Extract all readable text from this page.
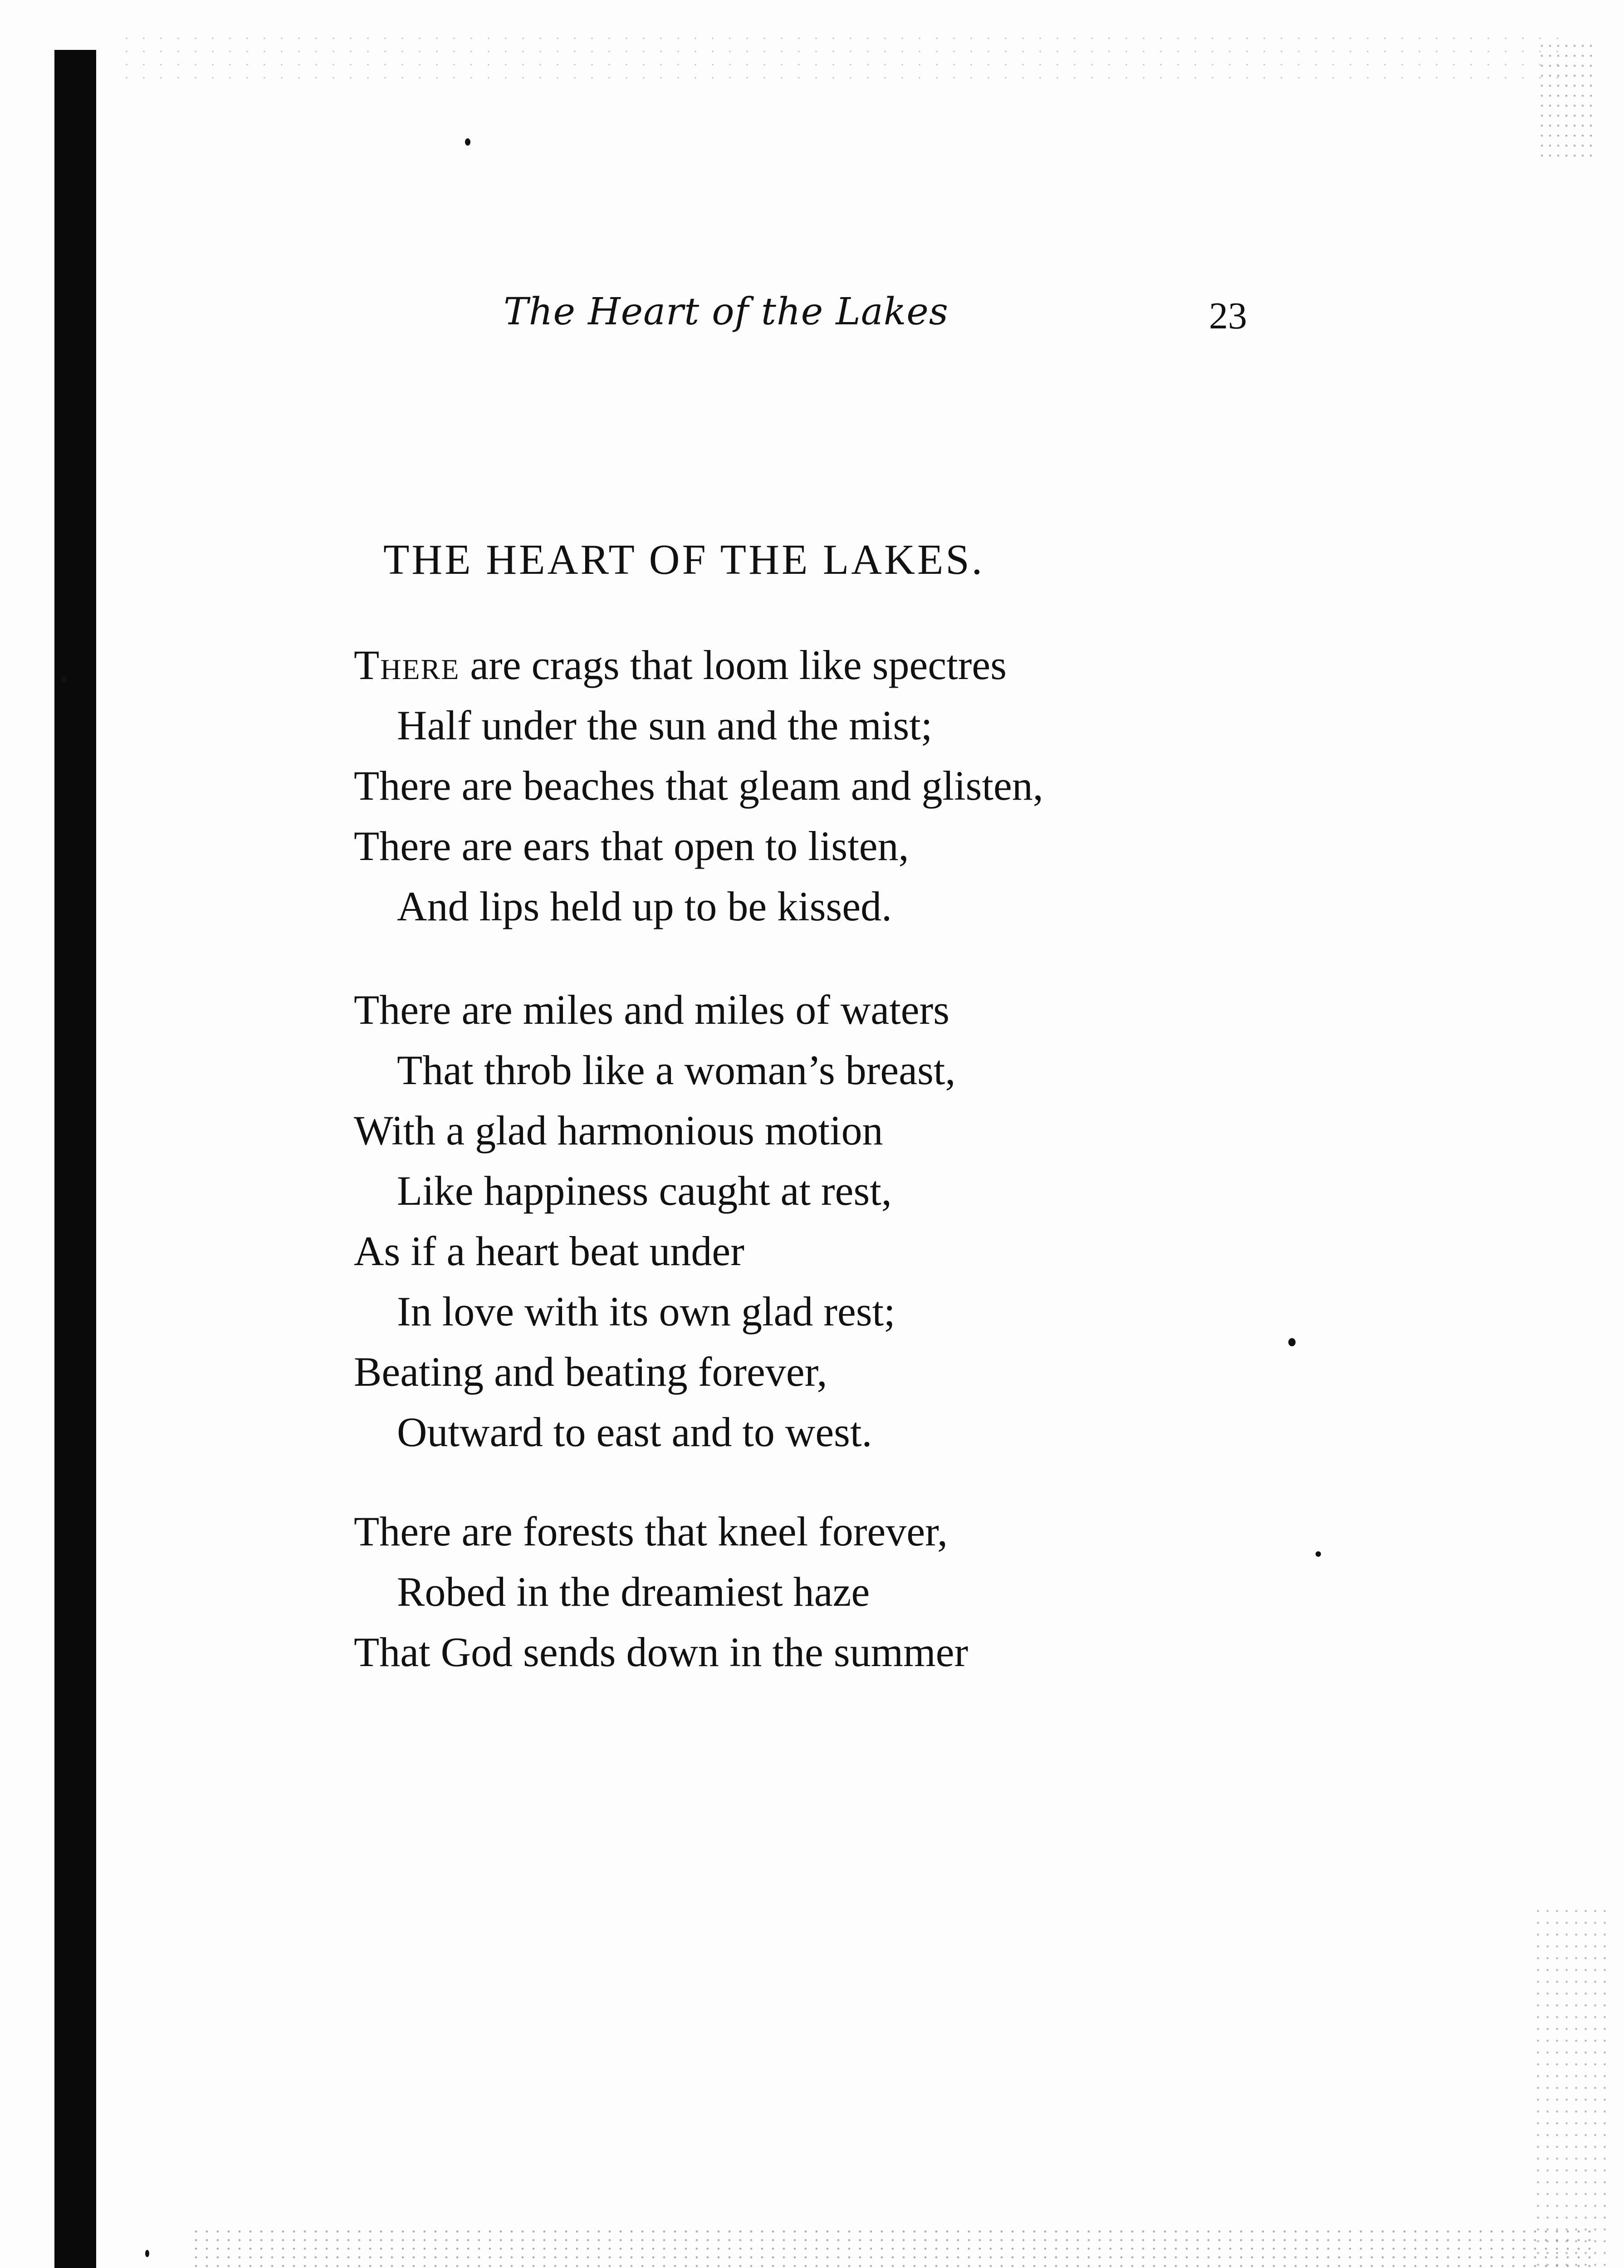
The Heart of the Lakes	23
THE HEART OF THE LAKES.
There are crags that loom like spectres
Half under the sun and the mist;
There are beaches that gleam and glisten,
There are ears that open to listen,
And lips held up to be kissed.
There are miles and miles of waters
That throb like a woman’s breast,
With a glad harmonious motion
Like happiness caught at rest,
As if a heart beat under
In love with its own glad rest;
Beating and beating forever,
Outward to east and to west.
There are forests that kneel forever,
Robed in the dreamiest haze
That God sends down in the summer
